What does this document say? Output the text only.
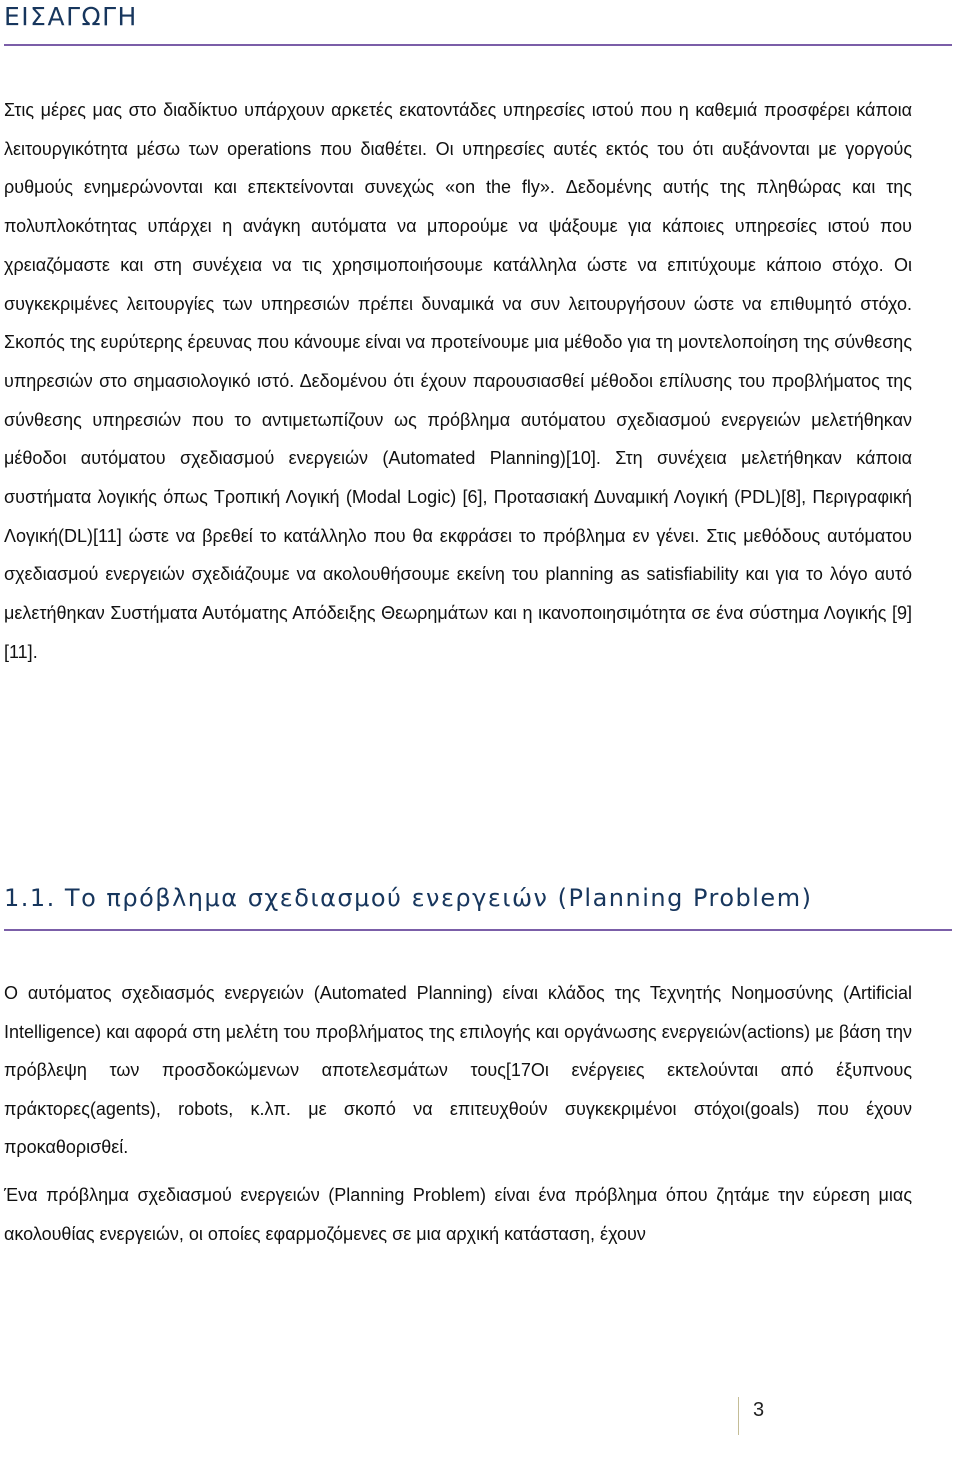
ΕΙΣΑΓΩΓΗ

Στις μέρες μας στο διαδίκτυο υπάρχουν αρκετές εκατοντάδες υπηρεσίες ιστού που η καθεμιά προσφέρει κάποια λειτουργικότητα μέσω των operations που διαθέτει. Οι υπηρεσίες αυτές εκτός του ότι αυξάνονται με γοργούς ρυθμούς ενημερώνονται και επεκτείνονται συνεχώς «on the fly». Δεδομένης αυτής της πληθώρας και της πολυπλοκότητας υπάρχει η ανάγκη αυτόματα να μπορούμε να ψάξουμε για κάποιες υπηρεσίες ιστού που χρειαζόμαστε και στη συνέχεια να τις χρησιμοποιήσουμε κατάλληλα ώστε να επιτύχουμε κάποιο στόχο. Οι συγκεκριμένες λειτουργίες των υπηρεσιών πρέπει δυναμικά να συν λειτουργήσουν ώστε να επιθυμητό στόχο. Σκοπός της ευρύτερης έρευνας που κάνουμε είναι να προτείνουμε μια μέθοδο για τη μοντελοποίηση της σύνθεσης υπηρεσιών στο σημασιολογικό ιστό. Δεδομένου ότι έχουν παρουσιασθεί μέθοδοι επίλυσης του προβλήματος της σύνθεσης υπηρεσιών που το αντιμετωπίζουν ως πρόβλημα αυτόματου σχεδιασμού ενεργειών μελετήθηκαν μέθοδοι αυτόματου σχεδιασμού ενεργειών (Automated Planning)[10]. Στη συνέχεια μελετήθηκαν κάποια συστήματα λογικής όπως Τροπική Λογική (Modal Logic) [6], Προτασιακή Δυναμική Λογική (PDL)[8], Περιγραφική Λογική(DL)[11] ώστε να βρεθεί το κατάλληλο που θα εκφράσει το πρόβλημα εν γένει. Στις μεθόδους αυτόματου σχεδιασμού ενεργειών σχεδιάζουμε να ακολουθήσουμε εκείνη του planning as satisfiability και για το λόγο αυτό μελετήθηκαν Συστήματα Αυτόματης Απόδειξης Θεωρημάτων και η ικανοποιησιμότητα σε ένα σύστημα Λογικής [9][11].

1.1. Το πρόβλημα σχεδιασμού ενεργειών (Planning Problem)

Ο αυτόματος σχεδιασμός ενεργειών (Automated Planning) είναι κλάδος της Τεχνητής Νοημοσύνης (Artificial Intelligence) και αφορά στη μελέτη του προβλήματος της επιλογής και οργάνωσης ενεργειών(actions) με βάση την πρόβλεψη των προσδοκώμενων αποτελεσμάτων τους[17Οι ενέργειες εκτελούνται από έξυπνους πράκτορες(agents), robots, κ.λπ. με σκοπό να επιτευχθούν συγκεκριμένοι στόχοι(goals) που έχουν προκαθορισθεί.

Ένα πρόβλημα σχεδιασμού ενεργειών (Planning Problem) είναι ένα πρόβλημα όπου ζητάμε την εύρεση μιας ακολουθίας ενεργειών, οι οποίες εφαρμοζόμενες σε μια αρχική κατάσταση, έχουν

3
